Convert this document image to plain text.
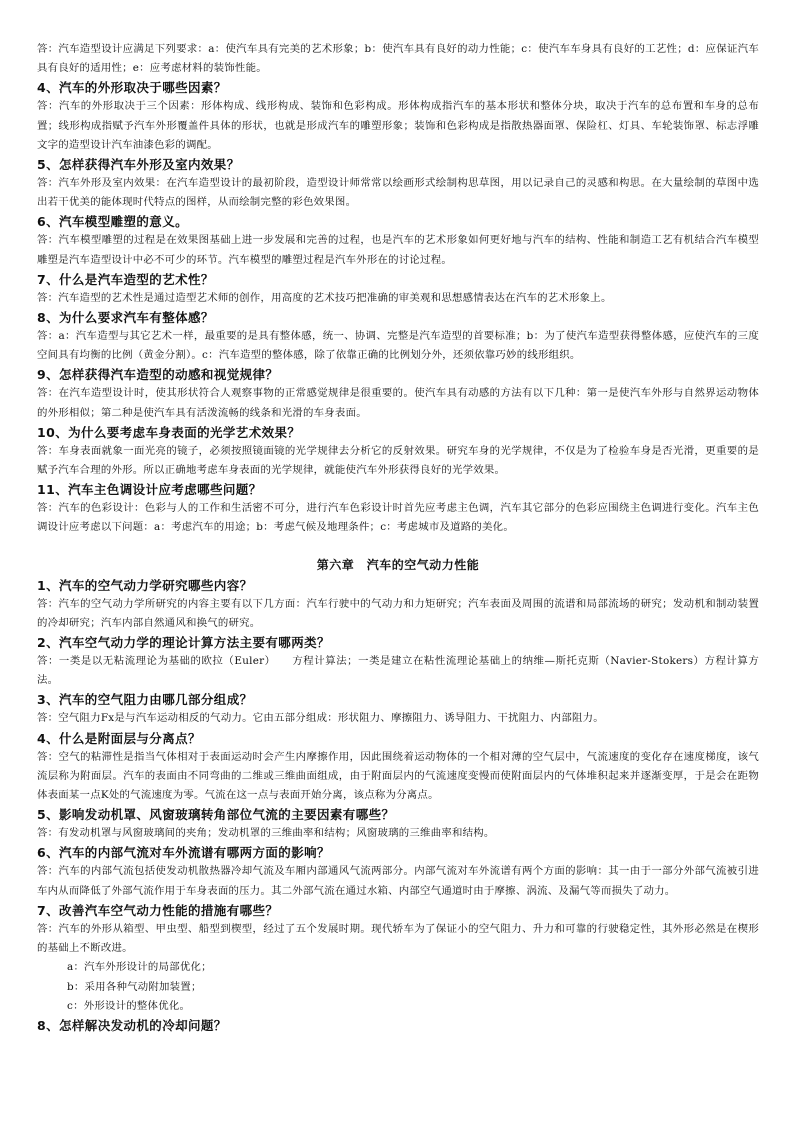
答：汽车造型设计应满足下列要求：a：使汽车具有完美的艺术形象；b：使汽车具有良好的动力性能；c：使汽车车身具有良好的工艺性；d：应保证汽车具有良好的适用性；e：应考虑材料的装饰性能。

4、汽车的外形取决于哪些因素？

答：汽车的外形取决于三个因素：形体构成、线形构成、装饰和色彩构成。形体构成指汽车的基本形状和整体分块，取决于汽车的总布置和车身的总布置；线形构成指赋予汽车外形覆盖件具体的形状，也就是形成汽车的雕塑形象；装饰和色彩构成是指散热器面罩、保险杠、灯具、车轮装饰罩、标志浮雕文字的造型设计汽车油漆色彩的调配。

5、怎样获得汽车外形及室内效果？

答：汽车外形及室内效果：在汽车造型设计的最初阶段，造型设计师常常以绘画形式绘制构思草图，用以记录自己的灵感和构思。在大量绘制的草图中选出若干优美的能体现时代特点的图样，从而绘制完整的彩色效果图。

6、汽车模型雕塑的意义。

答：汽车模型雕塑的过程是在效果图基础上进一步发展和完善的过程，也是汽车的艺术形象如何更好地与汽车的结构、性能和制造工艺有机结合汽车模型雕塑是汽车造型设计中必不可少的环节。汽车模型的雕塑过程是汽车外形在的讨论过程。

7、什么是汽车造型的艺术性？

答：汽车造型的艺术性是通过造型艺术师的创作，用高度的艺术技巧把准确的审美观和思想感情表达在汽车的艺术形象上。

8、为什么要求汽车有整体感？

答：a：汽车造型与其它艺术一样，最重要的是具有整体感，统一、协调、完整是汽车造型的首要标准；b：为了使汽车造型获得整体感，应使汽车的三度空间具有均衡的比例（黄金分割）。c：汽车造型的整体感，除了依靠正确的比例划分外，还须依靠巧妙的线形组织。

9、怎样获得汽车造型的动感和视觉规律？

答：在汽车造型设计时，使其形状符合人观察事物的正常感觉规律是很重要的。使汽车具有动感的方法有以下几种：第一是使汽车外形与自然界运动物体的外形相似；第二种是使汽车具有活泼流畅的线条和光滑的车身表面。

10、为什么要考虑车身表面的光学艺术效果？

答：车身表面就象一面光亮的镜子，必须按照镜面镜的光学规律去分析它的反射效果。研究车身的光学规律，不仅是为了检验车身是否光滑，更重要的是赋予汽车合理的外形。所以正确地考虑车身表面的光学规律，就能使汽车外形获得良好的光学效果。

11、汽车主色调设计应考虑哪些问题？

答：汽车的色彩设计：色彩与人的工作和生活密不可分，进行汽车色彩设计时首先应考虑主色调，汽车其它部分的色彩应围绕主色调进行变化。汽车主色调设计应考虑以下问题：a：考虑汽车的用途；b：考虑气候及地理条件；c：考虑城市及道路的美化。

第六章　汽车的空气动力性能

1、汽车的空气动力学研究哪些内容？

答：汽车的空气动力学所研究的内容主要有以下几方面：汽车行驶中的气动力和力矩研究；汽车表面及周围的流谱和局部流场的研究；发动机和制动装置的冷却研究；汽车内部自然通风和换气的研究。

2、汽车空气动力学的理论计算方法主要有哪两类？

答：一类是以无粘流理论为基础的欧拉（Euler）　　方程计算法；一类是建立在粘性流理论基础上的纳维—斯托克斯（Navier-Stokers）方程计算方法。

3、汽车的空气阻力由哪几部分组成？

答：空气阻力Fx是与汽车运动相反的气动力。它由五部分组成：形状阻力、摩擦阻力、诱导阻力、干扰阻力、内部阻力。

4、什么是附面层与分离点？

答：空气的粘滞性是指当气体相对于表面运动时会产生内摩擦作用，因此围绕着运动物体的一个相对薄的空气层中，气流速度的变化存在速度梯度，该气流层称为附面层。汽车的表面由不同弯曲的二维或三维曲面组成，由于附面层内的气流速度变慢而使附面层内的气体堆积起来并逐渐变厚，于是会在距物体表面某一点K处的气流速度为零。气流在这一点与表面开始分离，该点称为分离点。

5、影响发动机罩、风窗玻璃转角部位气流的主要因素有哪些？

答：有发动机罩与风窗玻璃间的夹角；发动机罩的三维曲率和结构；风窗玻璃的三维曲率和结构。

6、汽车的内部气流对车外流谱有哪两方面的影响？

答：汽车的内部气流包括使发动机散热器冷却气流及车厢内部通风气流两部分。内部气流对车外流谱有两个方面的影响：其一由于一部分外部气流被引进车内从而降低了外部气流作用于车身表面的压力。其二外部气流在通过水箱、内部空气通道时由于摩擦、涡流、及漏气等而损失了动力。

7、改善汽车空气动力性能的措施有哪些？

答：汽车的外形从箱型、甲虫型、船型到楔型，经过了五个发展时期。现代轿车为了保证小的空气阻力、升力和可靠的行驶稳定性，其外形必然是在楔形的基础上不断改进。

a：汽车外形设计的局部优化；

b：采用各种气动附加装置；

c：外形设计的整体优化。

8、怎样解决发动机的冷却问题？
